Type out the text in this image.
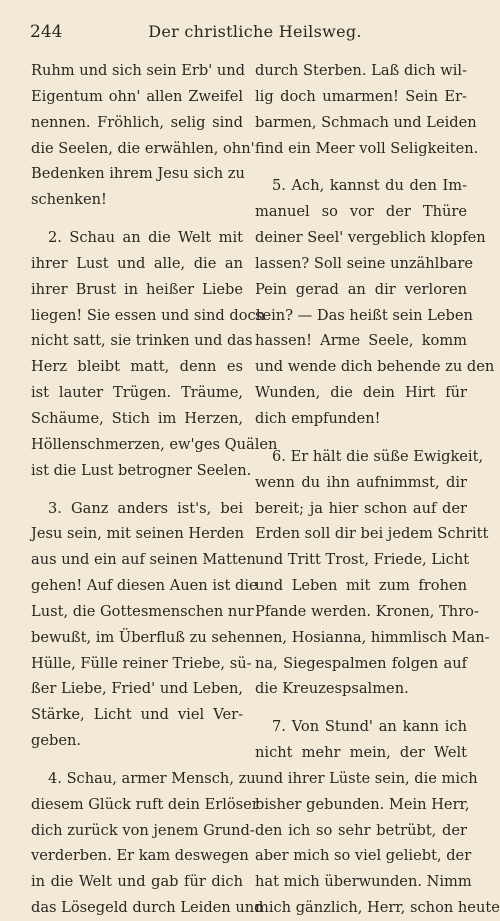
244	Der christliche Heilsweg.
Ruhm und sich sein Erb' und
Eigentum ohn' allen Zweifel
nennen. Fröhlich, selig sind
die Seelen, die erwählen, ohn'
Bedenken ihrem Jesu sich zu
schenken!
2. Schau an die Welt mit
ihrer Lust und alle, die an
ihrer Brust in heißer Liebe
liegen! Sie essen und sind doch
nicht satt, sie trinken und das
Herz bleibt matt, denn es
ist lauter Trügen. Träume,
Schäume, Stich im Herzen,
Höllenschmerzen, ew'ges Quälen
ist die Lust betrogner Seelen.
3. Ganz anders ist's, bei
Jesu sein, mit seinen Herden
aus und ein auf seinen Matten
gehen! Auf diesen Auen ist die
Lust, die Gottesmenschen nur
bewußt, im Überfluß zu sehen:
Hülle, Fülle reiner Triebe, sü-
ßer Liebe, Fried' und Leben,
Stärke, Licht und viel Ver-
geben.
4. Schau, armer Mensch, zu
diesem Glück ruft dein Erlöser
dich zurück von jenem Grund-
verderben. Er kam deswegen
in die Welt und gab für dich
das Lösegeld durch Leiden und
durch Sterben. Laß dich wil-
lig doch umarmen! Sein Er-
barmen, Schmach und Leiden
find ein Meer voll Seligkeiten.
5. Ach, kannst du den Im-
manuel so vor der Thüre
deiner Seel' vergeblich klopfen
lassen? Soll seine unzählbare
Pein gerad an dir verloren
sein? — Das heißt sein Leben
hassen! Arme Seele, komm
und wende dich behende zu den
Wunden, die dein Hirt für
dich empfunden!
6. Er hält die süße Ewigkeit,
wenn du ihn aufnimmst, dir
bereit; ja hier schon auf der
Erden soll dir bei jedem Schritt
und Tritt Trost, Friede, Licht
und Leben mit zum frohen
Pfande werden. Kronen, Thro-
nen, Hosianna, himmlisch Man-
na, Siegespalmen folgen auf
die Kreuzespsalmen.
7. Von Stund' an kann ich
nicht mehr mein, der Welt
und ihrer Lüste sein, die mich
bisher gebunden. Mein Herr,
den ich so sehr betrübt, der
aber mich so viel geliebt, der
hat mich überwunden. Nimm
mich gänzlich, Herr, schon heute
